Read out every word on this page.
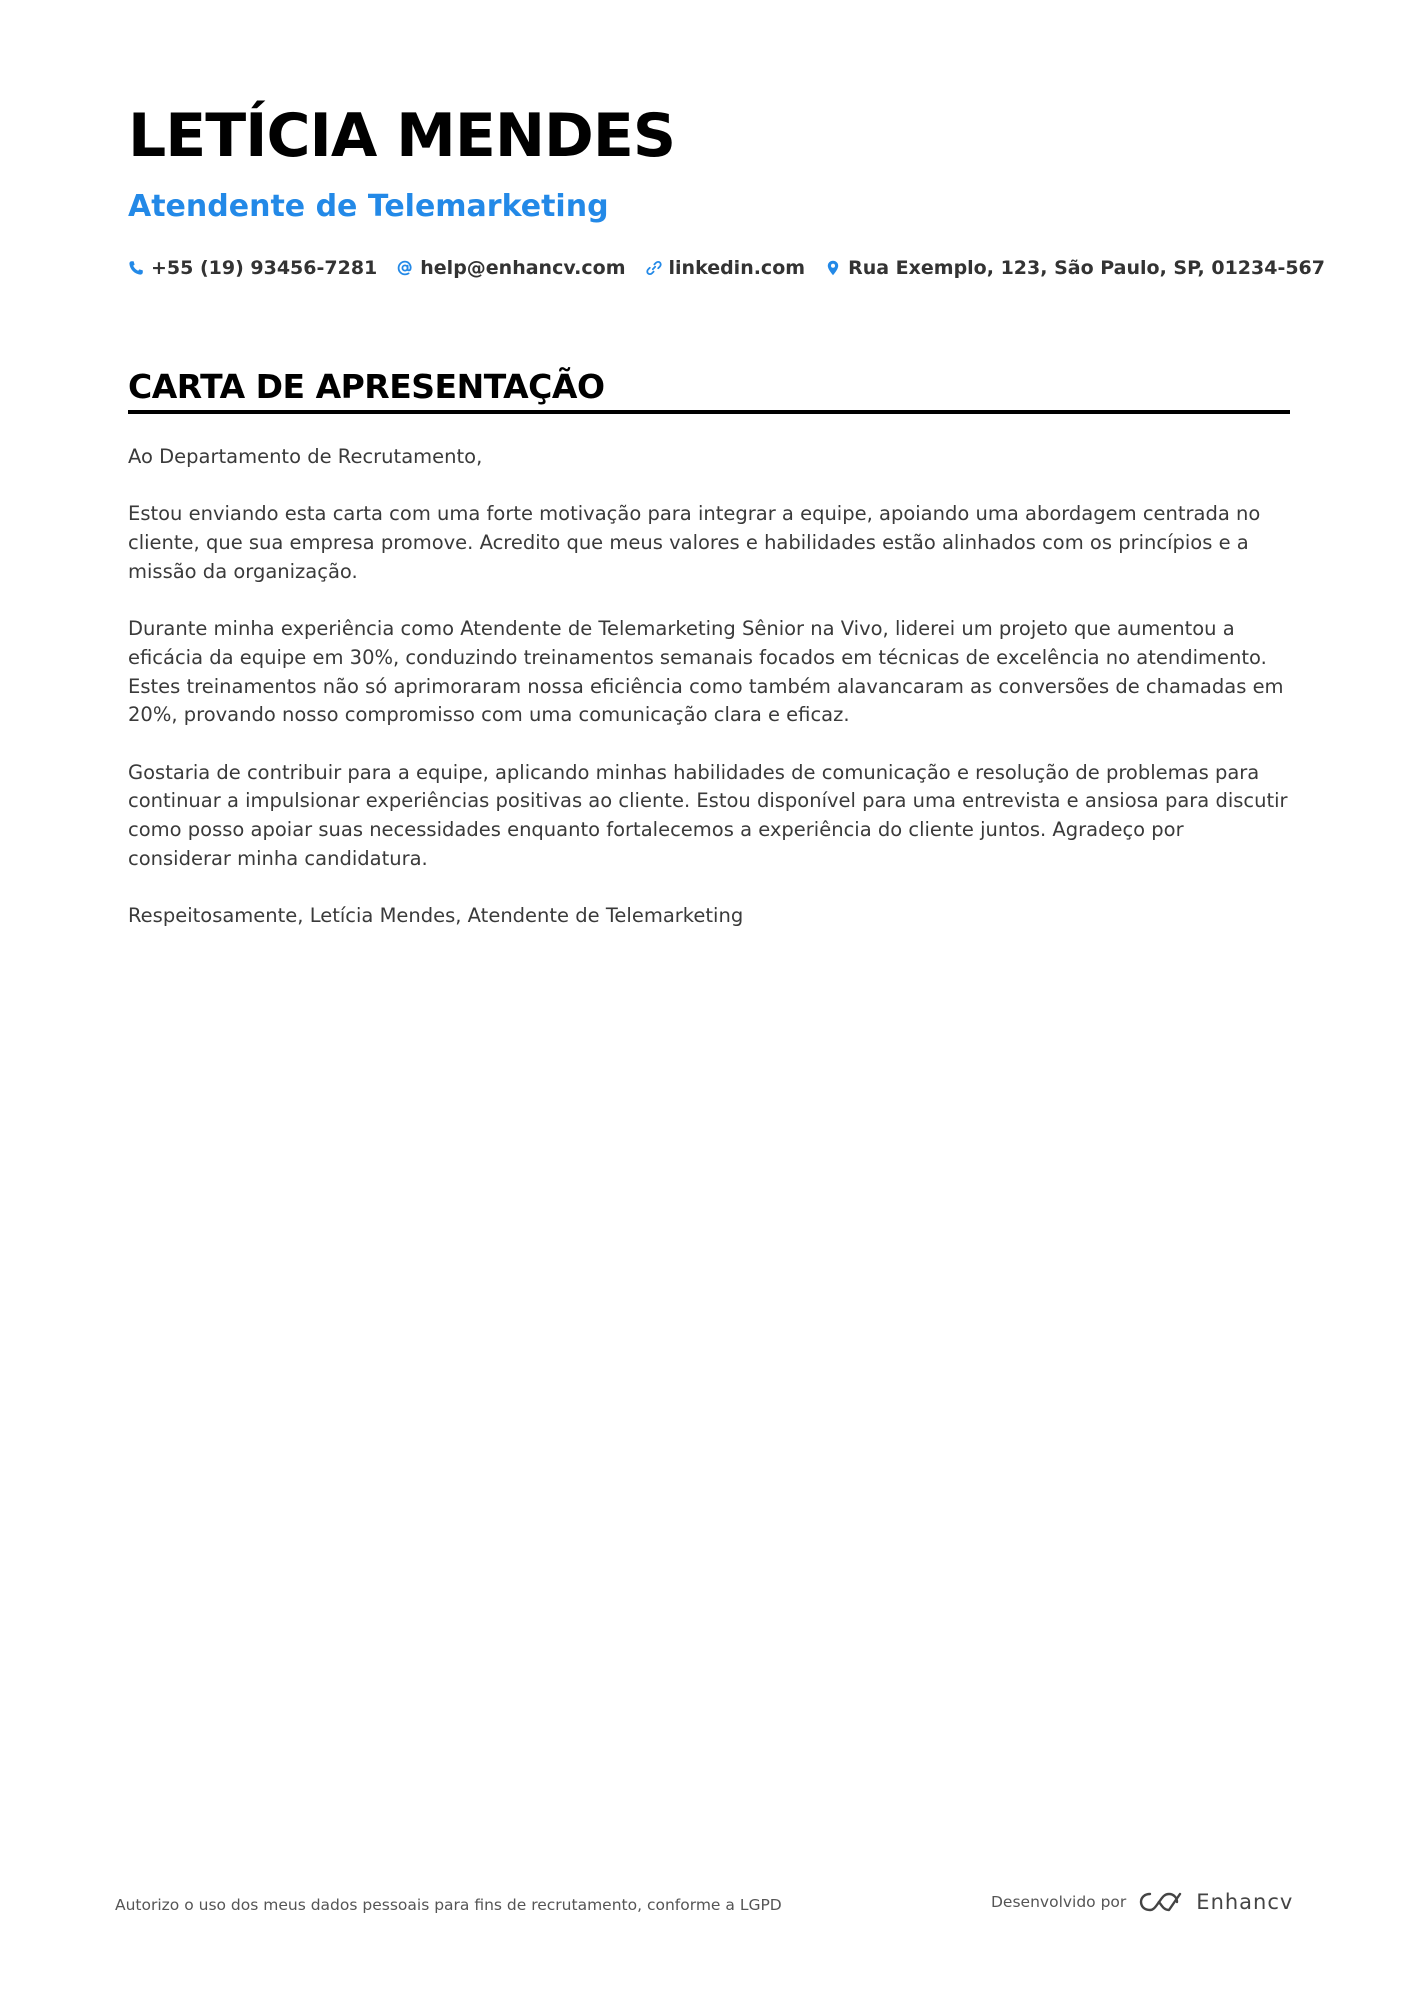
LETÍCIA MENDES
Atendente de Telemarketing
+55 (19) 93456-7281 help@enhancv.com linkedin.com Rua Exemplo, 123, São Paulo, SP, 01234-567
CARTA DE APRESENTAÇÃO

Ao Departamento de Recrutamento,

Estou enviando esta carta com uma forte motivação para integrar a equipe, apoiando uma abordagem centrada no cliente, que sua empresa promove. Acredito que meus valores e habilidades estão alinhados com os princípios e a missão da organização.

Durante minha experiência como Atendente de Telemarketing Sênior na Vivo, liderei um projeto que aumentou a eficácia da equipe em 30%, conduzindo treinamentos semanais focados em técnicas de excelência no atendimento. Estes treinamentos não só aprimoraram nossa eficiência como também alavancaram as conversões de chamadas em 20%, provando nosso compromisso com uma comunicação clara e eficaz.

Gostaria de contribuir para a equipe, aplicando minhas habilidades de comunicação e resolução de problemas para continuar a impulsionar experiências positivas ao cliente. Estou disponível para uma entrevista e ansiosa para discutir como posso apoiar suas necessidades enquanto fortalecemos a experiência do cliente juntos. Agradeço por considerar minha candidatura.

Respeitosamente, Letícia Mendes, Atendente de Telemarketing

Autorizo o uso dos meus dados pessoais para fins de recrutamento, conforme a LGPD	Desenvolvido por	Enhancv
